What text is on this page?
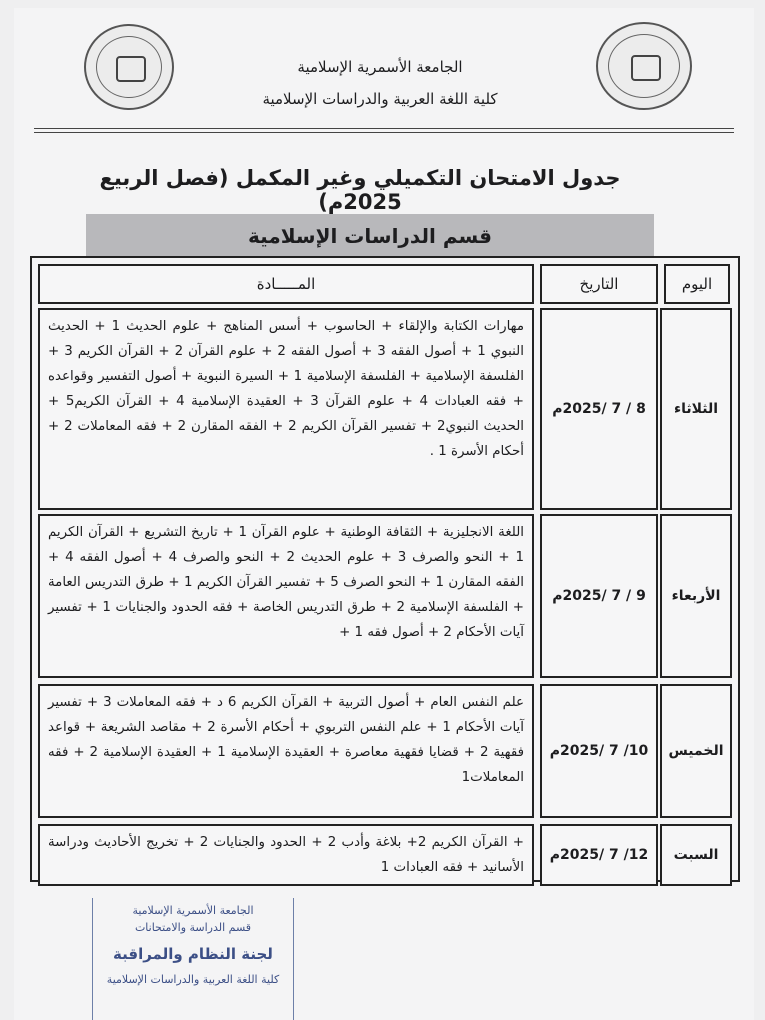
الجامعة الأسمرية الإسلامية
كلية اللغة العربية والدراسات الإسلامية
جدول الامتحان التكميلي وغير المكمل (فصل الربيع 2025م)
قسم الدراسات الإسلامية
اليوم
التاريخ
المـــــادة
الثلاثاء
8 / 7 /2025م
مهارات الكتابة والإلقاء + الحاسوب + أسس المناهج + علوم الحديث 1 + الحديث النبوي 1 + أصول الفقه 3 + أصول الفقه 2 + علوم القرآن 2 + القرآن الكريم 3 + الفلسفة الإسلامية + الفلسفة الإسلامية 1 + السيرة النبوية + أصول التفسير وقواعده + فقه العبادات 4 + علوم القرآن 3 + العقيدة الإسلامية 4 + القرآن الكريم5 + الحديث النبوي2 + تفسير القرآن الكريم 2 + الفقه المقارن 2 + فقه المعاملات 2 + أحكام الأسرة 1 .
الأربعاء
9 / 7 /2025م
اللغة الانجليزية + الثقافة الوطنية + علوم القرآن 1 + تاريخ التشريع + القرآن الكريم 1 + النحو والصرف 3 + علوم الحديث 2 + النحو والصرف 4 + أصول الفقه 4 + الفقه المقارن 1 + النحو الصرف 5 + تفسير القرآن الكريم 1 + طرق التدريس العامة + الفلسفة الإسلامية 2 + طرق التدريس الخاصة + فقه الحدود والجنايات 1 + تفسير آيات الأحكام 2 + أصول فقه 1 +
الخميس
10/ 7 /2025م
علم النفس العام + أصول التربية + القرآن الكريم 6 د + فقه المعاملات 3 + تفسير آيات الأحكام 1 + علم النفس التربوي + أحكام الأسرة 2 + مقاصد الشريعة + قواعد فقهية 2 + قضايا فقهية معاصرة + العقيدة الإسلامية 1 + العقيدة الإسلامية 2 + فقه المعاملات1
السبت
12/ 7 /2025م
+ القرآن الكريم 2+ بلاغة وأدب 2 + الحدود والجنايات 2 + تخريج الأحاديث ودراسة الأسانيد + فقه العبادات 1
الجامعة الأسمرية الإسلامية
قسم الدراسة والامتحانات
لجنة النظام والمراقبة
كلية اللغة العربية والدراسات الإسلامية
